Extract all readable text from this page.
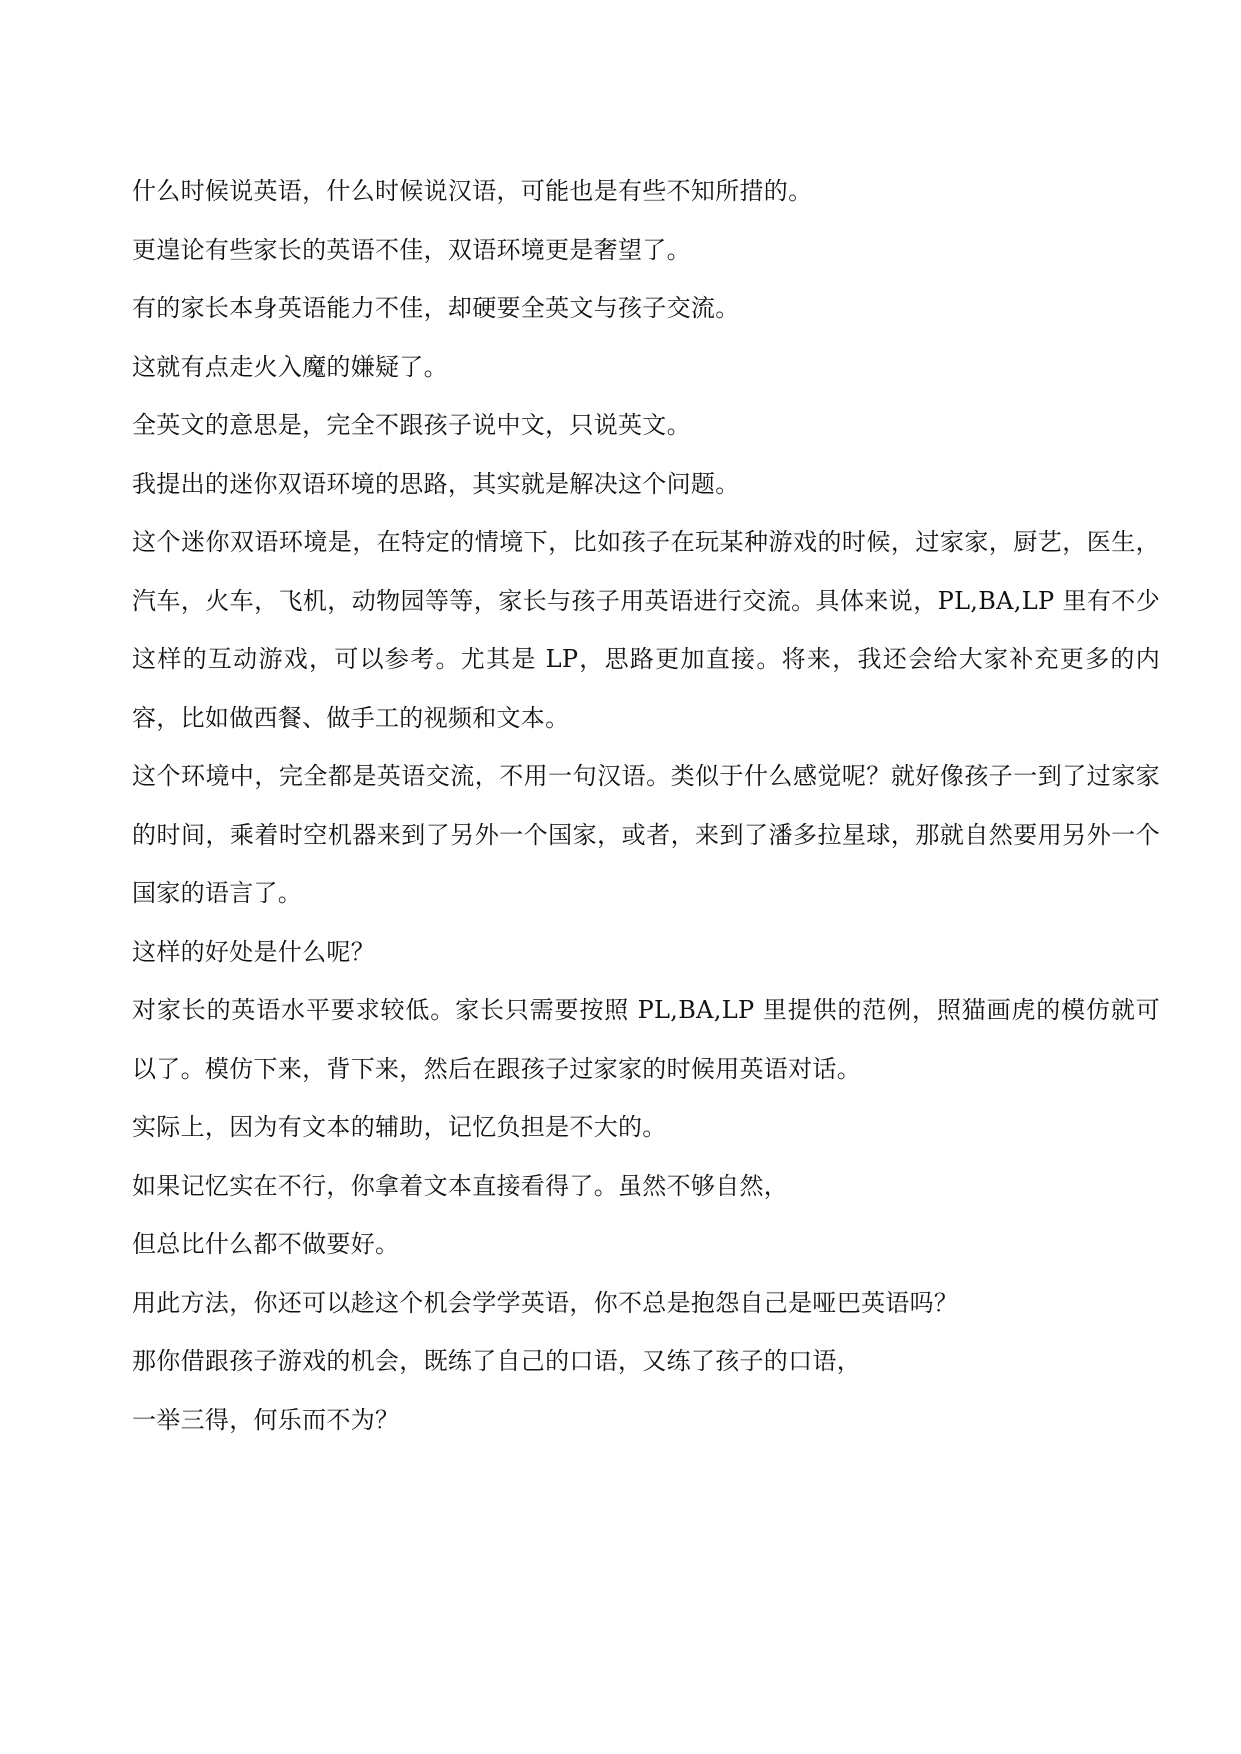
什么时候说英语，什么时候说汉语，可能也是有些不知所措的。

更遑论有些家长的英语不佳，双语环境更是奢望了。

有的家长本身英语能力不佳，却硬要全英文与孩子交流。

这就有点走火入魔的嫌疑了。

全英文的意思是，完全不跟孩子说中文，只说英文。

我提出的迷你双语环境的思路，其实就是解决这个问题。

这个迷你双语环境是，在特定的情境下，比如孩子在玩某种游戏的时候，过家家，厨艺，医生，汽车，火车，飞机，动物园等等，家长与孩子用英语进行交流。具体来说，PL,BA,LP 里有不少这样的互动游戏，可以参考。尤其是 LP，思路更加直接。将来，我还会给大家补充更多的内容，比如做西餐、做手工的视频和文本。

这个环境中，完全都是英语交流，不用一句汉语。类似于什么感觉呢？就好像孩子一到了过家家的时间，乘着时空机器来到了另外一个国家，或者，来到了潘多拉星球，那就自然要用另外一个国家的语言了。

这样的好处是什么呢？

对家长的英语水平要求较低。家长只需要按照 PL,BA,LP 里提供的范例，照猫画虎的模仿就可以了。模仿下来，背下来，然后在跟孩子过家家的时候用英语对话。

实际上，因为有文本的辅助，记忆负担是不大的。

如果记忆实在不行，你拿着文本直接看得了。虽然不够自然，

但总比什么都不做要好。

用此方法，你还可以趁这个机会学学英语，你不总是抱怨自己是哑巴英语吗？

那你借跟孩子游戏的机会，既练了自己的口语，又练了孩子的口语，

一举三得，何乐而不为？
